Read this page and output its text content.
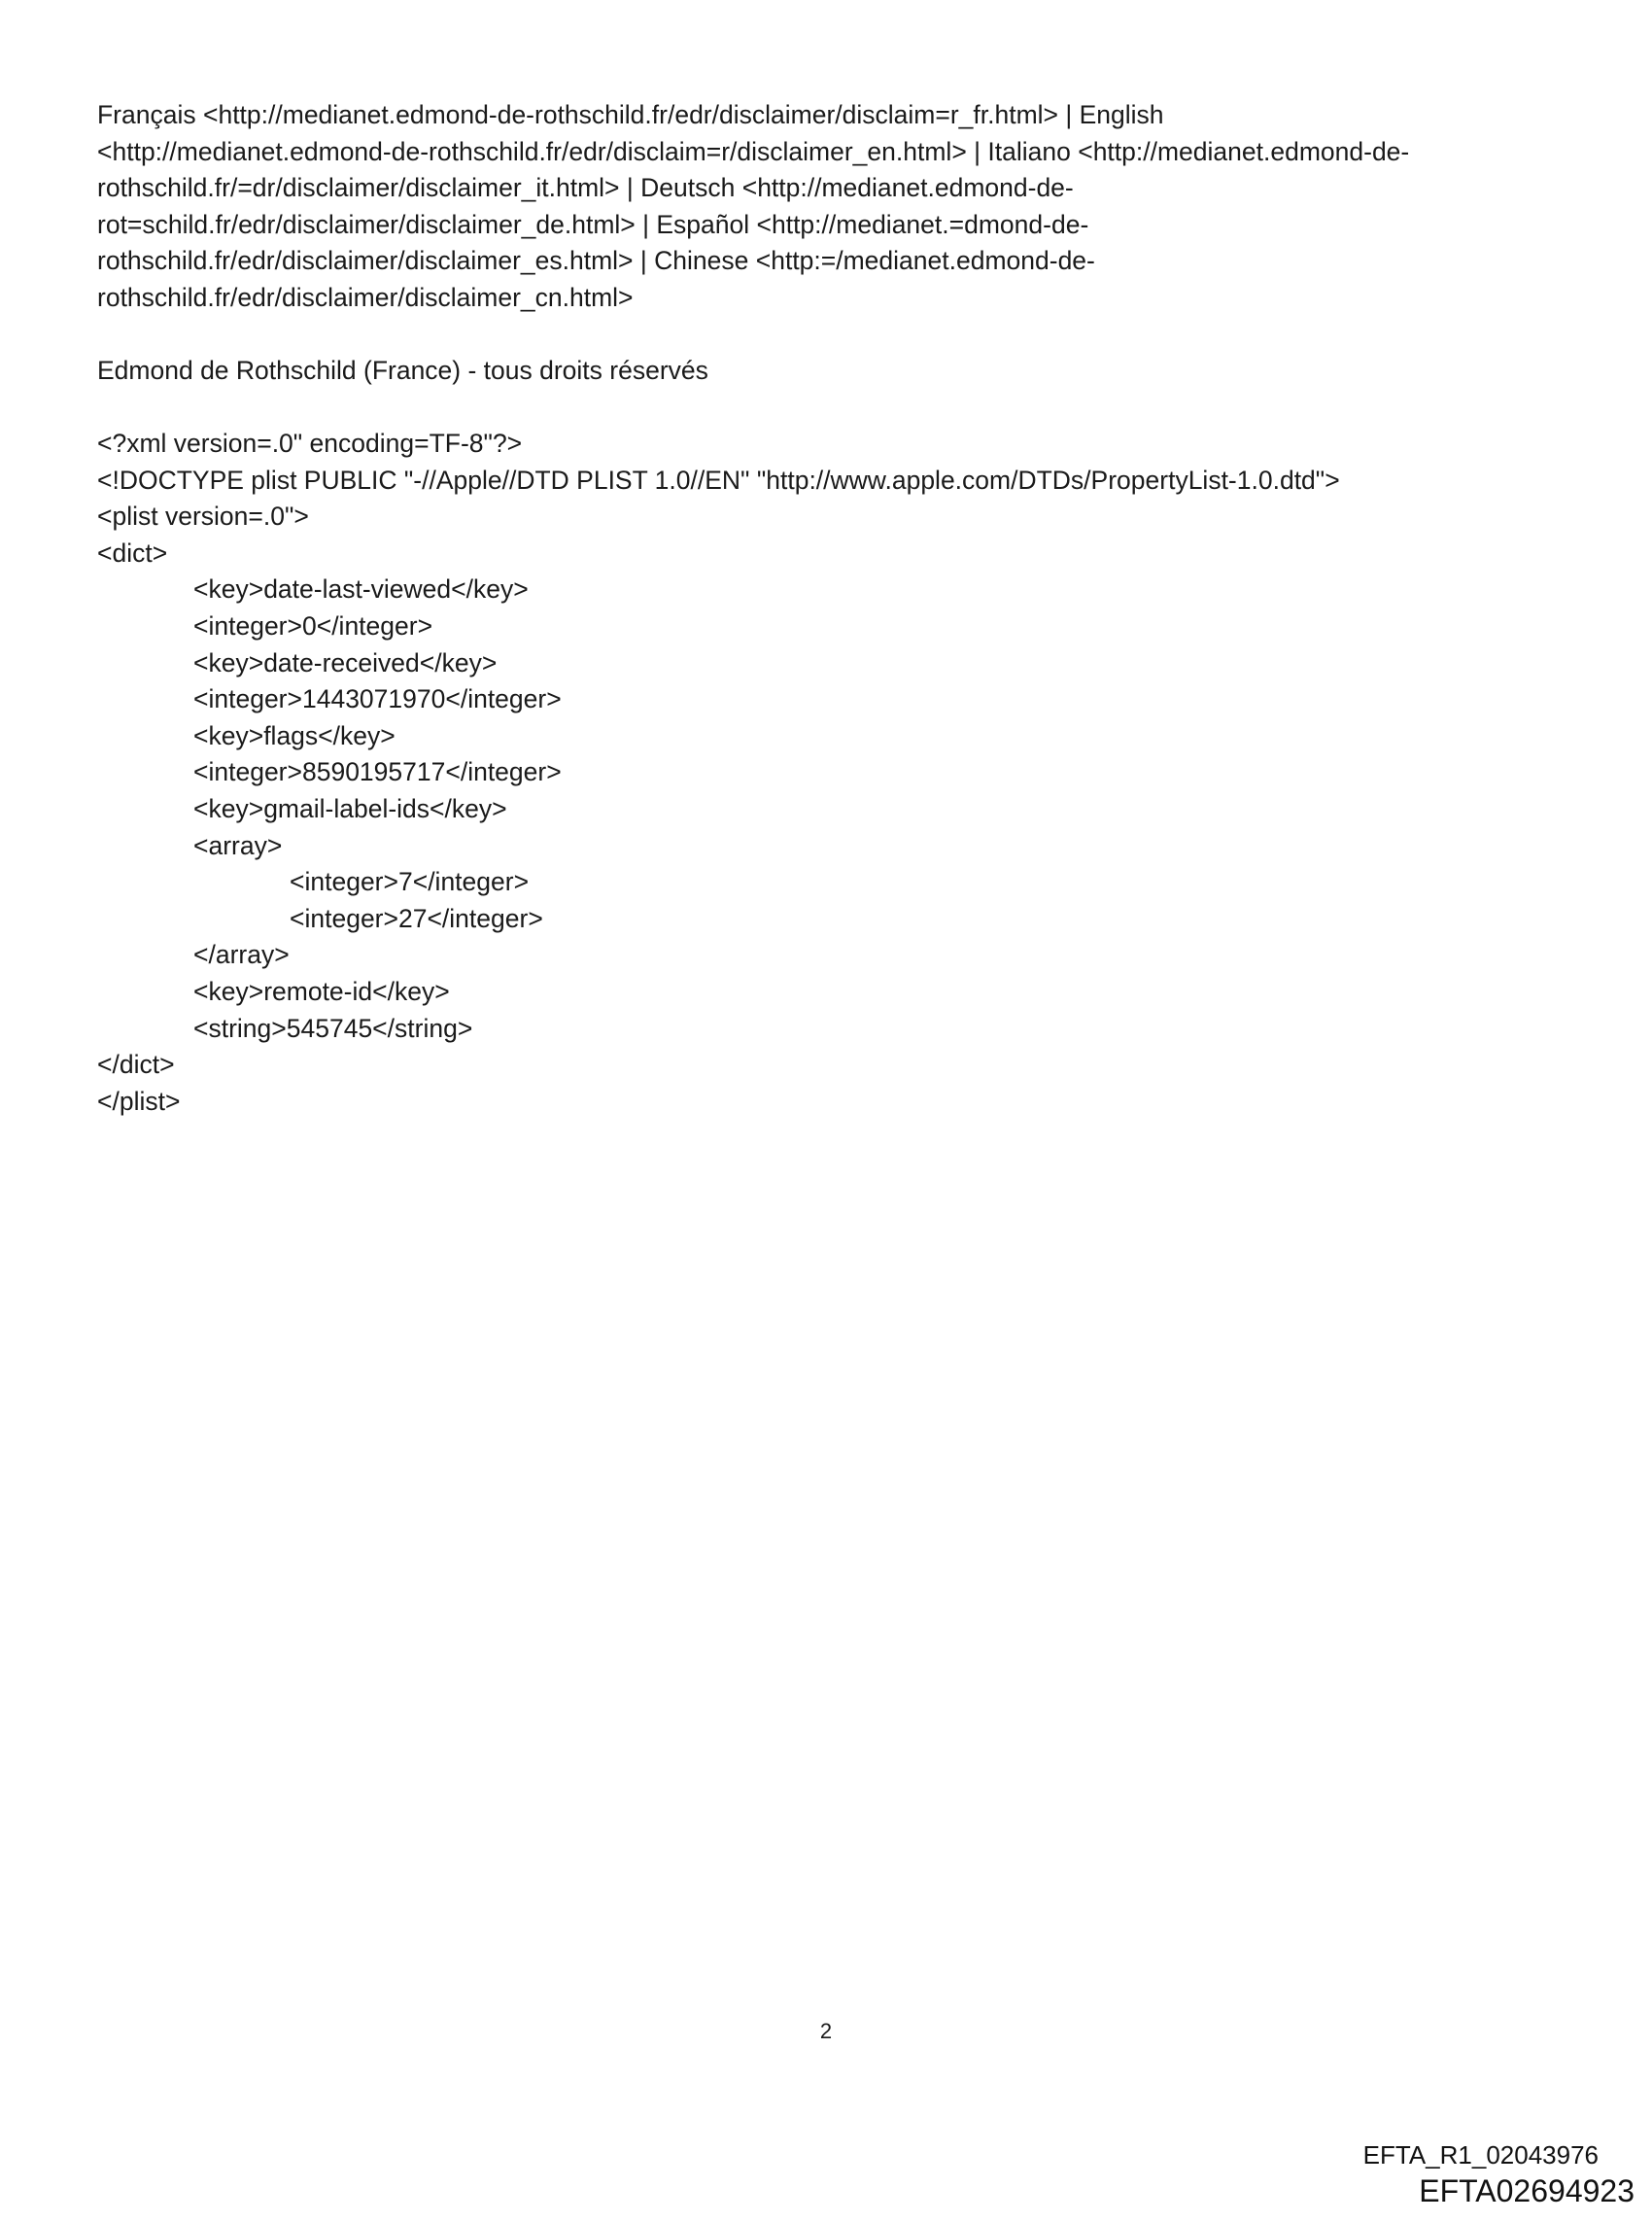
Français <http://medianet.edmond-de-rothschild.fr/edr/disclaimer/disclaim=r_fr.html> | English
<http://medianet.edmond-de-rothschild.fr/edr/disclaim=r/disclaimer_en.html> | Italiano <http://medianet.edmond-de-
rothschild.fr/=dr/disclaimer/disclaimer_it.html> | Deutsch <http://medianet.edmond-de-
rot=schild.fr/edr/disclaimer/disclaimer_de.html> | Español <http://medianet.=dmond-de-
rothschild.fr/edr/disclaimer/disclaimer_es.html> | Chinese <http:=/medianet.edmond-de-
rothschild.fr/edr/disclaimer/disclaimer_cn.html>
Edmond de Rothschild (France) - tous droits réservés
<?xml version=.0" encoding=TF-8"?>
<!DOCTYPE plist PUBLIC "-//Apple//DTD PLIST 1.0//EN" "http://www.apple.com/DTDs/PropertyList-1.0.dtd">
<plist version=.0">
<dict>
<key>date-last-viewed</key>
<integer>0</integer>
<key>date-received</key>
<integer>1443071970</integer>
<key>flags</key>
<integer>8590195717</integer>
<key>gmail-label-ids</key>
<array>
<integer>7</integer>
<integer>27</integer>
</array>
<key>remote-id</key>
<string>545745</string>
</dict>
</plist>
2
EFTA_R1_02043976
EFTA02694923
